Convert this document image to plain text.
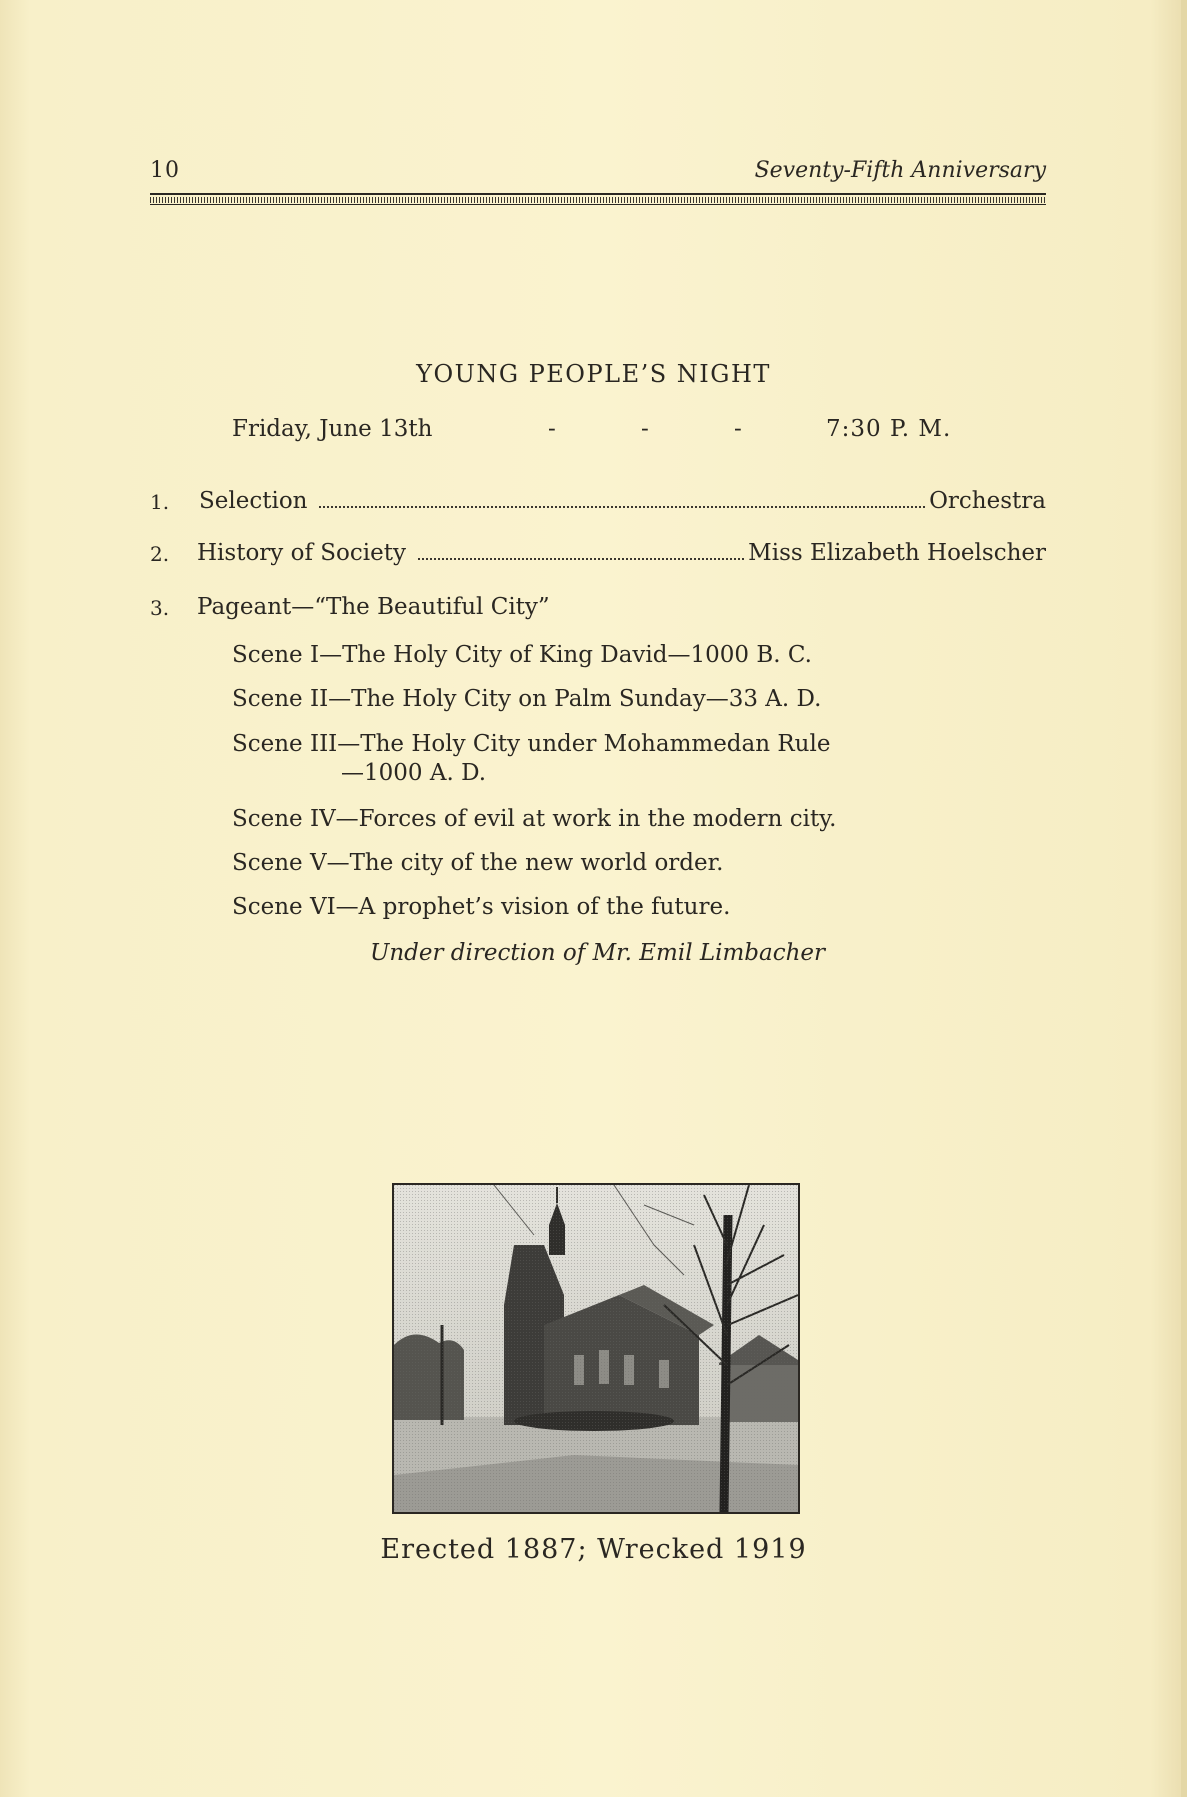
10	Seventy-Fifth Anniversary
YOUNG PEOPLE’S NIGHT
Friday, June 13th	-	-	-	7:30 P. M.
1. Selection	Orchestra
2. History of Society	Miss Elizabeth Hoelscher
3. Pageant—“The Beautiful City”
Scene I—The Holy City of King David—1000 B. C.
Scene II—The Holy City on Palm Sunday—33 A. D.
Scene III—The Holy City under Mohammedan Rule
—1000 A. D.
Scene IV—Forces of evil at work in the modern city.
Scene V—The city of the new world order.
Scene VI—A prophet’s vision of the future.
Under direction of Mr. Emil Limbacher
Erected 1887; Wrecked 1919
